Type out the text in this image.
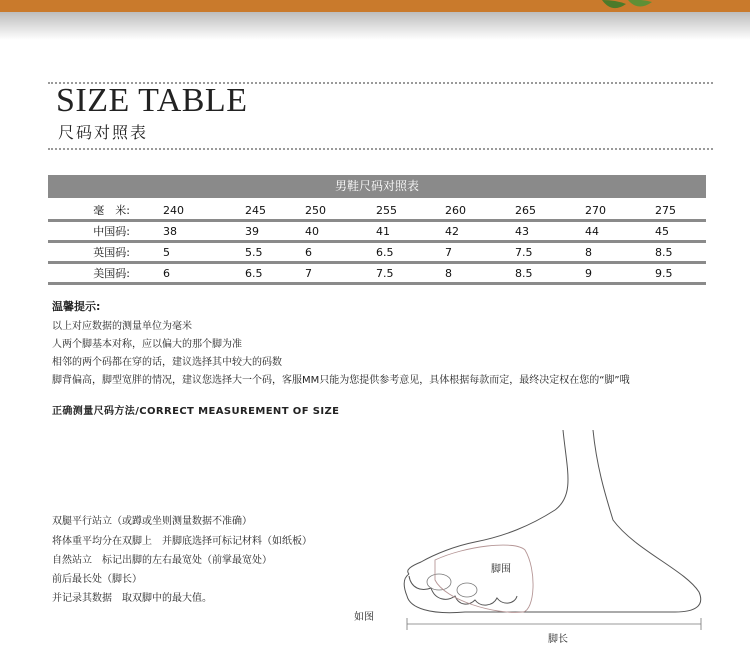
SIZE TABLE
尺码对照表
男鞋尺码对照表
毫　米:	240	245	250	255	260	265	270	275
中国码:	38	39	40	41	42	43	44	45
英国码:	5	5.5	6	6.5	7	7.5	8	8.5
美国码:	6	6.5	7	7.5	8	8.5	9	9.5
温馨提示:
以上对应数据的测量单位为毫米
人两个脚基本对称，应以偏大的那个脚为准
相邻的两个码都在穿的话，建议选择其中较大的码数
脚背偏高，脚型宽胖的情况，建议您选择大一个码，客服MM只能为您提供参考意见，具体根据每款而定，最终决定权在您的“脚”哦
正确测量尺码方法/CORRECT MEASUREMENT OF SIZE
双腿平行站立（或蹲或坐则测量数据不准确）
将体重平均分在双脚上　并脚底选择可标记材料（如纸板）
自然站立　标记出脚的左右最宽处（前掌最宽处）
前后最长处（脚长）
并记录其数据　取双脚中的最大值。
脚围
脚长
如图
